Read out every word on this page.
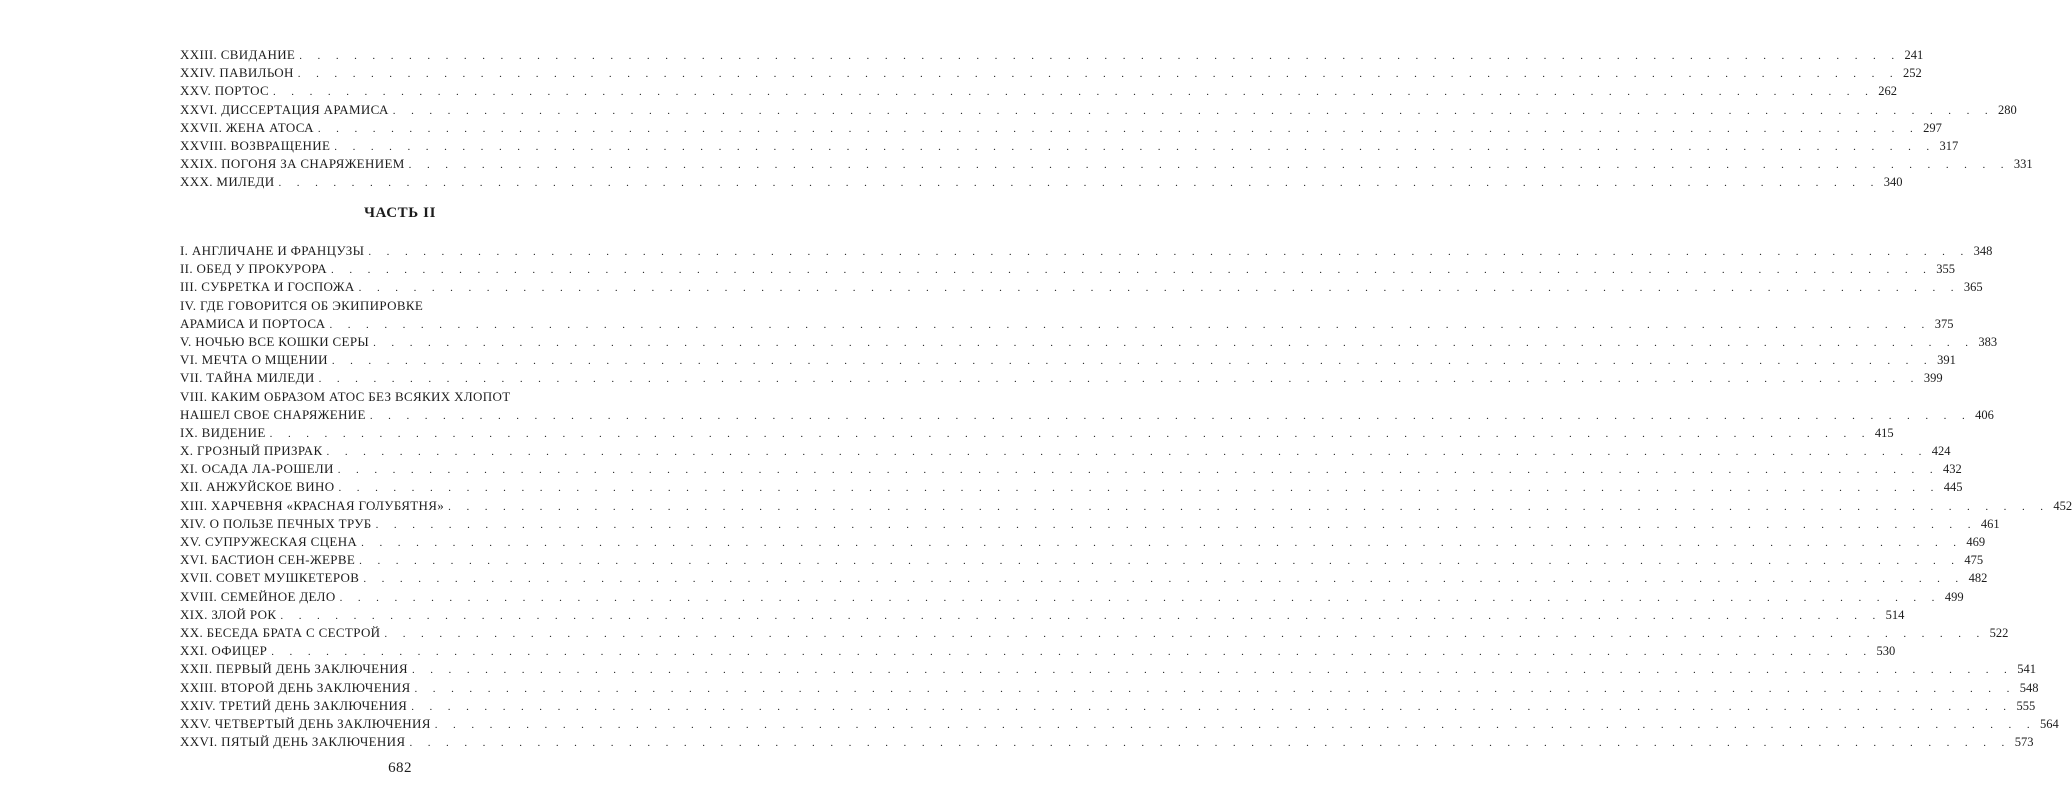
XXIII. СВИДАНИЕ . . . . . . . . . . . . . . . . . . . . . . . . . . . . . . . . . . . . . . . . . . . . . . . . . . . . . . . . . . . . . . . . . . . . . . . . . . . . . . . . . . . . . . . . 241
XXIV. ПАВИЛЬОН . . . . . . . . . . . . . . . . . . . . . . . . . . . . . . . . . . . . . . . . . . . . . . . . . . . . . . . . . . . . . . . . . . . . . . . . . . . . . . . . . . . . . . . . 252
XXV. ПОРТОС . . . . . . . . . . . . . . . . . . . . . . . . . . . . . . . . . . . . . . . . . . . . . . . . . . . . . . . . . . . . . . . . . . . . . . . . . . . . . . . . . . . . . . . . 262
XXVI. ДИССЕРТАЦИЯ АРАМИСА . . . . . . . . . . . . . . . . . . . . . . . . . . . . . . . . . . . . . . . . . . . . . . . . . . . . . . . . . . . . . . . . . . . . . . . . . . . . . . . . . . . . . . . . 280
XXVII. ЖЕНА АТОСА . . . . . . . . . . . . . . . . . . . . . . . . . . . . . . . . . . . . . . . . . . . . . . . . . . . . . . . . . . . . . . . . . . . . . . . . . . . . . . . . . . . . . . . . 297
XXVIII. ВОЗВРАЩЕНИЕ . . . . . . . . . . . . . . . . . . . . . . . . . . . . . . . . . . . . . . . . . . . . . . . . . . . . . . . . . . . . . . . . . . . . . . . . . . . . . . . . . . . . . . . . 317
XXIX. ПОГОНЯ ЗА СНАРЯЖЕНИЕМ . . . . . . . . . . . . . . . . . . . . . . . . . . . . . . . . . . . . . . . . . . . . . . . . . . . . . . . . . . . . . . . . . . . . . . . . . . . . . . . . . . . . . . . . 331
XXX. МИЛЕДИ . . . . . . . . . . . . . . . . . . . . . . . . . . . . . . . . . . . . . . . . . . . . . . . . . . . . . . . . . . . . . . . . . . . . . . . . . . . . . . . . . . . . . . . . 340
ЧАСТЬ II
I. АНГЛИЧАНЕ И ФРАНЦУЗЫ . . . . . . . . . . . . . . . . . . . . . . . . . . . . . . . . . . . . . . . . . . . . . . . . . . . . . . . . . . . . . . . . . . . . . . . . . . . . . . . . . . . . . . . . 348
II. ОБЕД У ПРОКУРОРА . . . . . . . . . . . . . . . . . . . . . . . . . . . . . . . . . . . . . . . . . . . . . . . . . . . . . . . . . . . . . . . . . . . . . . . . . . . . . . . . . . . . . . . . 355
III. СУБРЕТКА И ГОСПОЖА . . . . . . . . . . . . . . . . . . . . . . . . . . . . . . . . . . . . . . . . . . . . . . . . . . . . . . . . . . . . . . . . . . . . . . . . . . . . . . . . . . . . . . . . 365
IV. ГДЕ ГОВОРИТСЯ ОБ ЭКИПИРОВКЕ
АРАМИСА И ПОРТОСА . . . . . . . . . . . . . . . . . . . . . . . . . . . . . . . . . . . . . . . . . . . . . . . . . . . . . . . . . . . . . . . . . . . . . . . . . . . . . . . . . . . . . . . . 375
V. НОЧЬЮ ВСЕ КОШКИ СЕРЫ . . . . . . . . . . . . . . . . . . . . . . . . . . . . . . . . . . . . . . . . . . . . . . . . . . . . . . . . . . . . . . . . . . . . . . . . . . . . . . . . . . . . . . . . 383
VI. МЕЧТА О МЩЕНИИ . . . . . . . . . . . . . . . . . . . . . . . . . . . . . . . . . . . . . . . . . . . . . . . . . . . . . . . . . . . . . . . . . . . . . . . . . . . . . . . . . . . . . . . . 391
VII. ТАЙНА МИЛЕДИ . . . . . . . . . . . . . . . . . . . . . . . . . . . . . . . . . . . . . . . . . . . . . . . . . . . . . . . . . . . . . . . . . . . . . . . . . . . . . . . . . . . . . . . . 399
VIII. КАКИМ ОБРАЗОМ АТОС БЕЗ ВСЯКИХ ХЛОПОТ
НАШЕЛ СВОЕ СНАРЯЖЕНИЕ . . . . . . . . . . . . . . . . . . . . . . . . . . . . . . . . . . . . . . . . . . . . . . . . . . . . . . . . . . . . . . . . . . . . . . . . . . . . . . . . . . . . . . . . 406
IX. ВИДЕНИЕ . . . . . . . . . . . . . . . . . . . . . . . . . . . . . . . . . . . . . . . . . . . . . . . . . . . . . . . . . . . . . . . . . . . . . . . . . . . . . . . . . . . . . . . . 415
X. ГРОЗНЫЙ ПРИЗРАК . . . . . . . . . . . . . . . . . . . . . . . . . . . . . . . . . . . . . . . . . . . . . . . . . . . . . . . . . . . . . . . . . . . . . . . . . . . . . . . . . . . . . . . . 424
XI. ОСАДА ЛА-РОШЕЛИ . . . . . . . . . . . . . . . . . . . . . . . . . . . . . . . . . . . . . . . . . . . . . . . . . . . . . . . . . . . . . . . . . . . . . . . . . . . . . . . . . . . . . . . . 432
XII. АНЖУЙСКОЕ ВИНО . . . . . . . . . . . . . . . . . . . . . . . . . . . . . . . . . . . . . . . . . . . . . . . . . . . . . . . . . . . . . . . . . . . . . . . . . . . . . . . . . . . . . . . . 445
XIII. ХАРЧЕВНЯ «КРАСНАЯ ГОЛУБЯТНЯ» . . . . . . . . . . . . . . . . . . . . . . . . . . . . . . . . . . . . . . . . . . . . . . . . . . . . . . . . . . . . . . . . . . . . . . . . . . . . . . . . . . . . . . . . 452
XIV. О ПОЛЬЗЕ ПЕЧНЫХ ТРУБ . . . . . . . . . . . . . . . . . . . . . . . . . . . . . . . . . . . . . . . . . . . . . . . . . . . . . . . . . . . . . . . . . . . . . . . . . . . . . . . . . . . . . . . . 461
XV. СУПРУЖЕСКАЯ СЦЕНА . . . . . . . . . . . . . . . . . . . . . . . . . . . . . . . . . . . . . . . . . . . . . . . . . . . . . . . . . . . . . . . . . . . . . . . . . . . . . . . . . . . . . . . . 469
XVI. БАСТИОН СЕН-ЖЕРВЕ . . . . . . . . . . . . . . . . . . . . . . . . . . . . . . . . . . . . . . . . . . . . . . . . . . . . . . . . . . . . . . . . . . . . . . . . . . . . . . . . . . . . . . . . 475
XVII. СОВЕТ МУШКЕТЕРОВ . . . . . . . . . . . . . . . . . . . . . . . . . . . . . . . . . . . . . . . . . . . . . . . . . . . . . . . . . . . . . . . . . . . . . . . . . . . . . . . . . . . . . . . . 482
XVIII. СЕМЕЙНОЕ ДЕЛО . . . . . . . . . . . . . . . . . . . . . . . . . . . . . . . . . . . . . . . . . . . . . . . . . . . . . . . . . . . . . . . . . . . . . . . . . . . . . . . . . . . . . . . . 499
XIX. ЗЛОЙ РОК . . . . . . . . . . . . . . . . . . . . . . . . . . . . . . . . . . . . . . . . . . . . . . . . . . . . . . . . . . . . . . . . . . . . . . . . . . . . . . . . . . . . . . . . 514
XX. БЕСЕДА БРАТА С СЕСТРОЙ . . . . . . . . . . . . . . . . . . . . . . . . . . . . . . . . . . . . . . . . . . . . . . . . . . . . . . . . . . . . . . . . . . . . . . . . . . . . . . . . . . . . . . . . 522
XXI. ОФИЦЕР . . . . . . . . . . . . . . . . . . . . . . . . . . . . . . . . . . . . . . . . . . . . . . . . . . . . . . . . . . . . . . . . . . . . . . . . . . . . . . . . . . . . . . . . 530
XXII. ПЕРВЫЙ ДЕНЬ ЗАКЛЮЧЕНИЯ . . . . . . . . . . . . . . . . . . . . . . . . . . . . . . . . . . . . . . . . . . . . . . . . . . . . . . . . . . . . . . . . . . . . . . . . . . . . . . . . . . . . . . . . 541
XXIII. ВТОРОЙ ДЕНЬ ЗАКЛЮЧЕНИЯ . . . . . . . . . . . . . . . . . . . . . . . . . . . . . . . . . . . . . . . . . . . . . . . . . . . . . . . . . . . . . . . . . . . . . . . . . . . . . . . . . . . . . . . . 548
XXIV. ТРЕТИЙ ДЕНЬ ЗАКЛЮЧЕНИЯ . . . . . . . . . . . . . . . . . . . . . . . . . . . . . . . . . . . . . . . . . . . . . . . . . . . . . . . . . . . . . . . . . . . . . . . . . . . . . . . . . . . . . . . . 555
XXV. ЧЕТВЕРТЫЙ ДЕНЬ ЗАКЛЮЧЕНИЯ . . . . . . . . . . . . . . . . . . . . . . . . . . . . . . . . . . . . . . . . . . . . . . . . . . . . . . . . . . . . . . . . . . . . . . . . . . . . . . . . . . . . . . . . 564
XXVI. ПЯТЫЙ ДЕНЬ ЗАКЛЮЧЕНИЯ . . . . . . . . . . . . . . . . . . . . . . . . . . . . . . . . . . . . . . . . . . . . . . . . . . . . . . . . . . . . . . . . . . . . . . . . . . . . . . . . . . . . . . . . 573
682
